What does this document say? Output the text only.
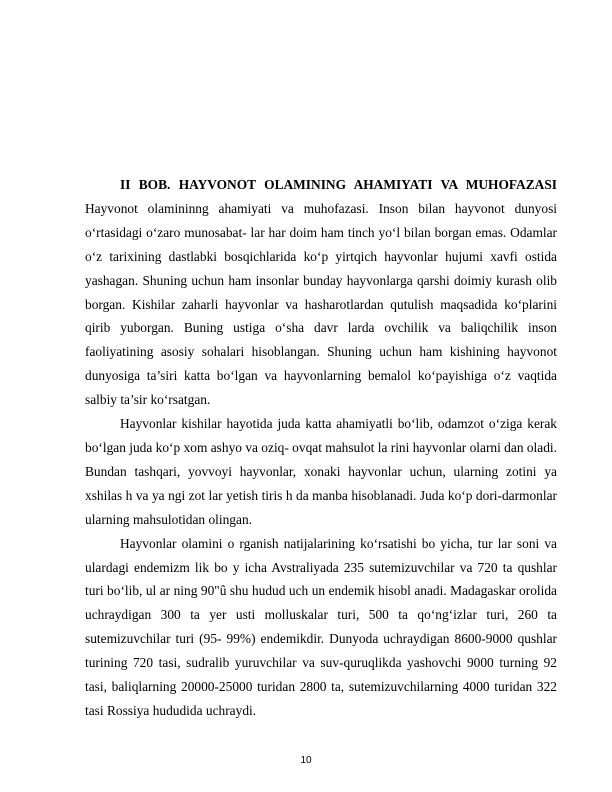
II BOB. HAYVONOT OLAMINING AHAMIYATI VA MUHOFAZASI Hayvonot olamininng ahamiyati va muhofazasi. Inson bilan hayvonot dunyosi o‘rtasidagi o‘zaro munosabat- lar har doim ham tinch yo‘l bilan borgan emas. Odamlar o‘z tarixining dastlabki bosqichlarida ko‘p yirtqich hayvonlar hujumi xavfi ostida yashagan. Shuning uchun ham insonlar bunday hayvonlarga qarshi doimiy kurash olib borgan. Kishilar zaharli hayvonlar va hasharotlardan qutulish maqsadida ko‘plarini qirib yuborgan. Buning ustiga o‘sha davr larda ovchilik va baliqchilik inson faoliyatining asosiy sohalari hisoblangan. Shuning uchun ham kishining hayvonot dunyosiga ta’siri katta bo‘lgan va hayvonlarning bemalol ko‘payishiga o‘z vaqtida salbiy ta’sir ko‘rsatgan.

Hayvonlar kishilar hayotida juda katta ahamiyatli bo‘lib, odamzot o‘ziga kerak bo‘lgan juda ko‘p xom ashyo va oziq- ovqat mahsulot la rini hayvonlar olarni dan oladi. Bundan tashqari, yovvoyi hayvonlar, xonaki hayvonlar uchun, ularning zotini ya xshilas h va ya ngi zot lar yetish tiris h da manba hisoblanadi. Juda ko‘p dori-darmonlar ularning mahsulotidan olingan.

Hayvonlar olamini o rganish natijalarining ko‘rsatishi bo yicha, tur lar soni va ulardagi endemizm lik bo y icha Avstraliyada 235 sutemizuvchilar va 720 ta qushlar turi bo‘lib, ul ar ning 90"û shu hudud uch un endemik hisobl anadi. Madagaskar orolida uchraydigan 300 ta yer usti molluskalar turi, 500 ta qo‘ng‘izlar turi, 260 ta sutemizuvchilar turi (95- 99%) endemikdir. Dunyoda uchraydigan 8600-9000 qushlar turining 720 tasi, sudralib yuruvchilar va suv-quruqlikda yashovchi 9000 turning 92 tasi, baliqlarning 20000-25000 turidan 2800 ta, sutemizuvchilarning 4000 turidan 322 tasi Rossiya hududida uchraydi.

10
